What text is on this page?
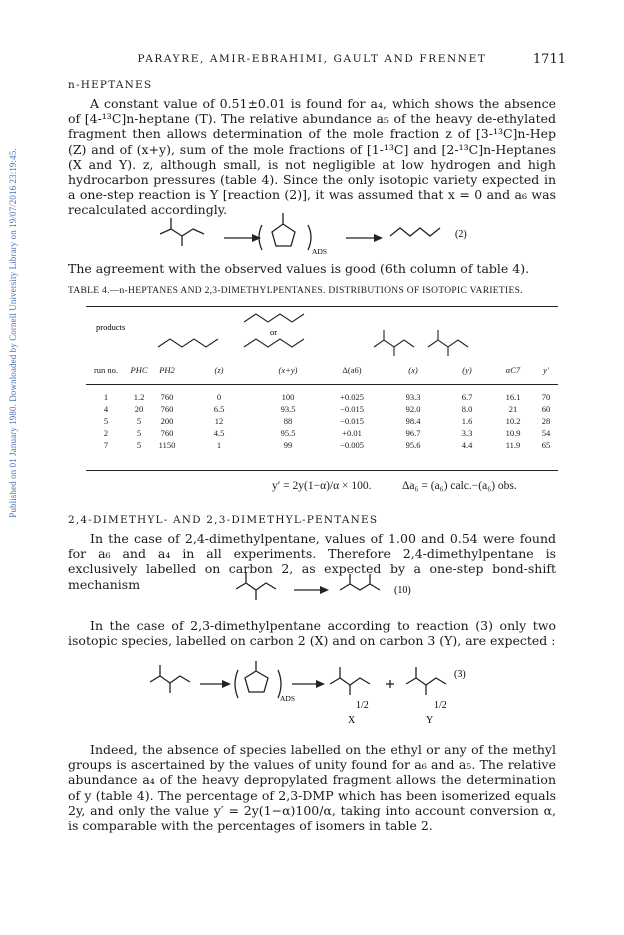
Published on 01 January 1980. Downloaded by Cornell University Library on 19/07/2016 23:19:45.
PARAYRE, AMIR-EBRAHIMI, GAULT AND FRENNET	1711
n-HEPTANES

A constant value of 0.51±0.01 is found for a₄, which shows the absence of [4-¹³C]n-heptane (T). The relative abundance a₅ of the heavy de-ethylated fragment then allows determination of the mole fraction z of [3-¹³C]n-Hep (Z) and of (x+y), sum of the mole fractions of [1-¹³C] and [2-¹³C]n-Heptanes (X and Y). z, although small, is not negligible at low hydrogen and high hydrocarbon pressures (table 4). Since the only isotopic variety expected in a one-step reaction is Y [reaction (2)], it was assumed that x = 0 and a₆ was recalculated accordingly.

ADS
(2)
The agreement with the observed values is good (6th column of table 4).
TABLE 4.—n-HEPTANES AND 2,3-DIMETHYLPENTANES. DISTRIBUTIONS OF ISOTOPIC VARIETIES.
products	or
run no.	PHC	PH2	(z)	(x+y)	Δ(a6)	(x)	(y)	αC7	y′

1	1.2	760	0	100	+0.025	93.3	6.7	16.1	70
4	20	760	6.5	93.5	−0.015	92.0	8.0	21	60
5	5	200	12	88	−0.015	98.4	1.6	10.2	28
2	5	760	4.5	95.5	+0.01	96.7	3.3	10.9	54
7	5	1150	1	99	−0.005	95.6	4.4	11.9	65
y′ = 2y(1−α)/α × 100.	Δa₆ = (a₆) calc.−(a₆) obs.
2,4-DIMETHYL- AND 2,3-DIMETHYL-PENTANES

In the case of 2,4-dimethylpentane, values of 1.00 and 0.54 were found for a₆ and a₄ in all experiments. Therefore 2,4-dimethylpentane is exclusively labelled on carbon 2, as expected by a one-step bond-shift mechanism	(10)

In the case of 2,3-dimethylpentane according to reaction (3) only two isotopic species, labelled on carbon 2 (X) and on carbon 3 (Y), are expected :

ADS
(3)
1/2	1/2
X	Y

Indeed, the absence of species labelled on the ethyl or any of the methyl groups is ascertained by the values of unity found for a₆ and a₅. The relative abundance a₄ of the heavy depropylated fragment allows the determination of y (table 4). The percentage of 2,3-DMP which has been isomerized equals 2y, and only the value y′ = 2y(1−α)100/α, taking into account conversion α, is comparable with the percentages of isomers in table 2.
